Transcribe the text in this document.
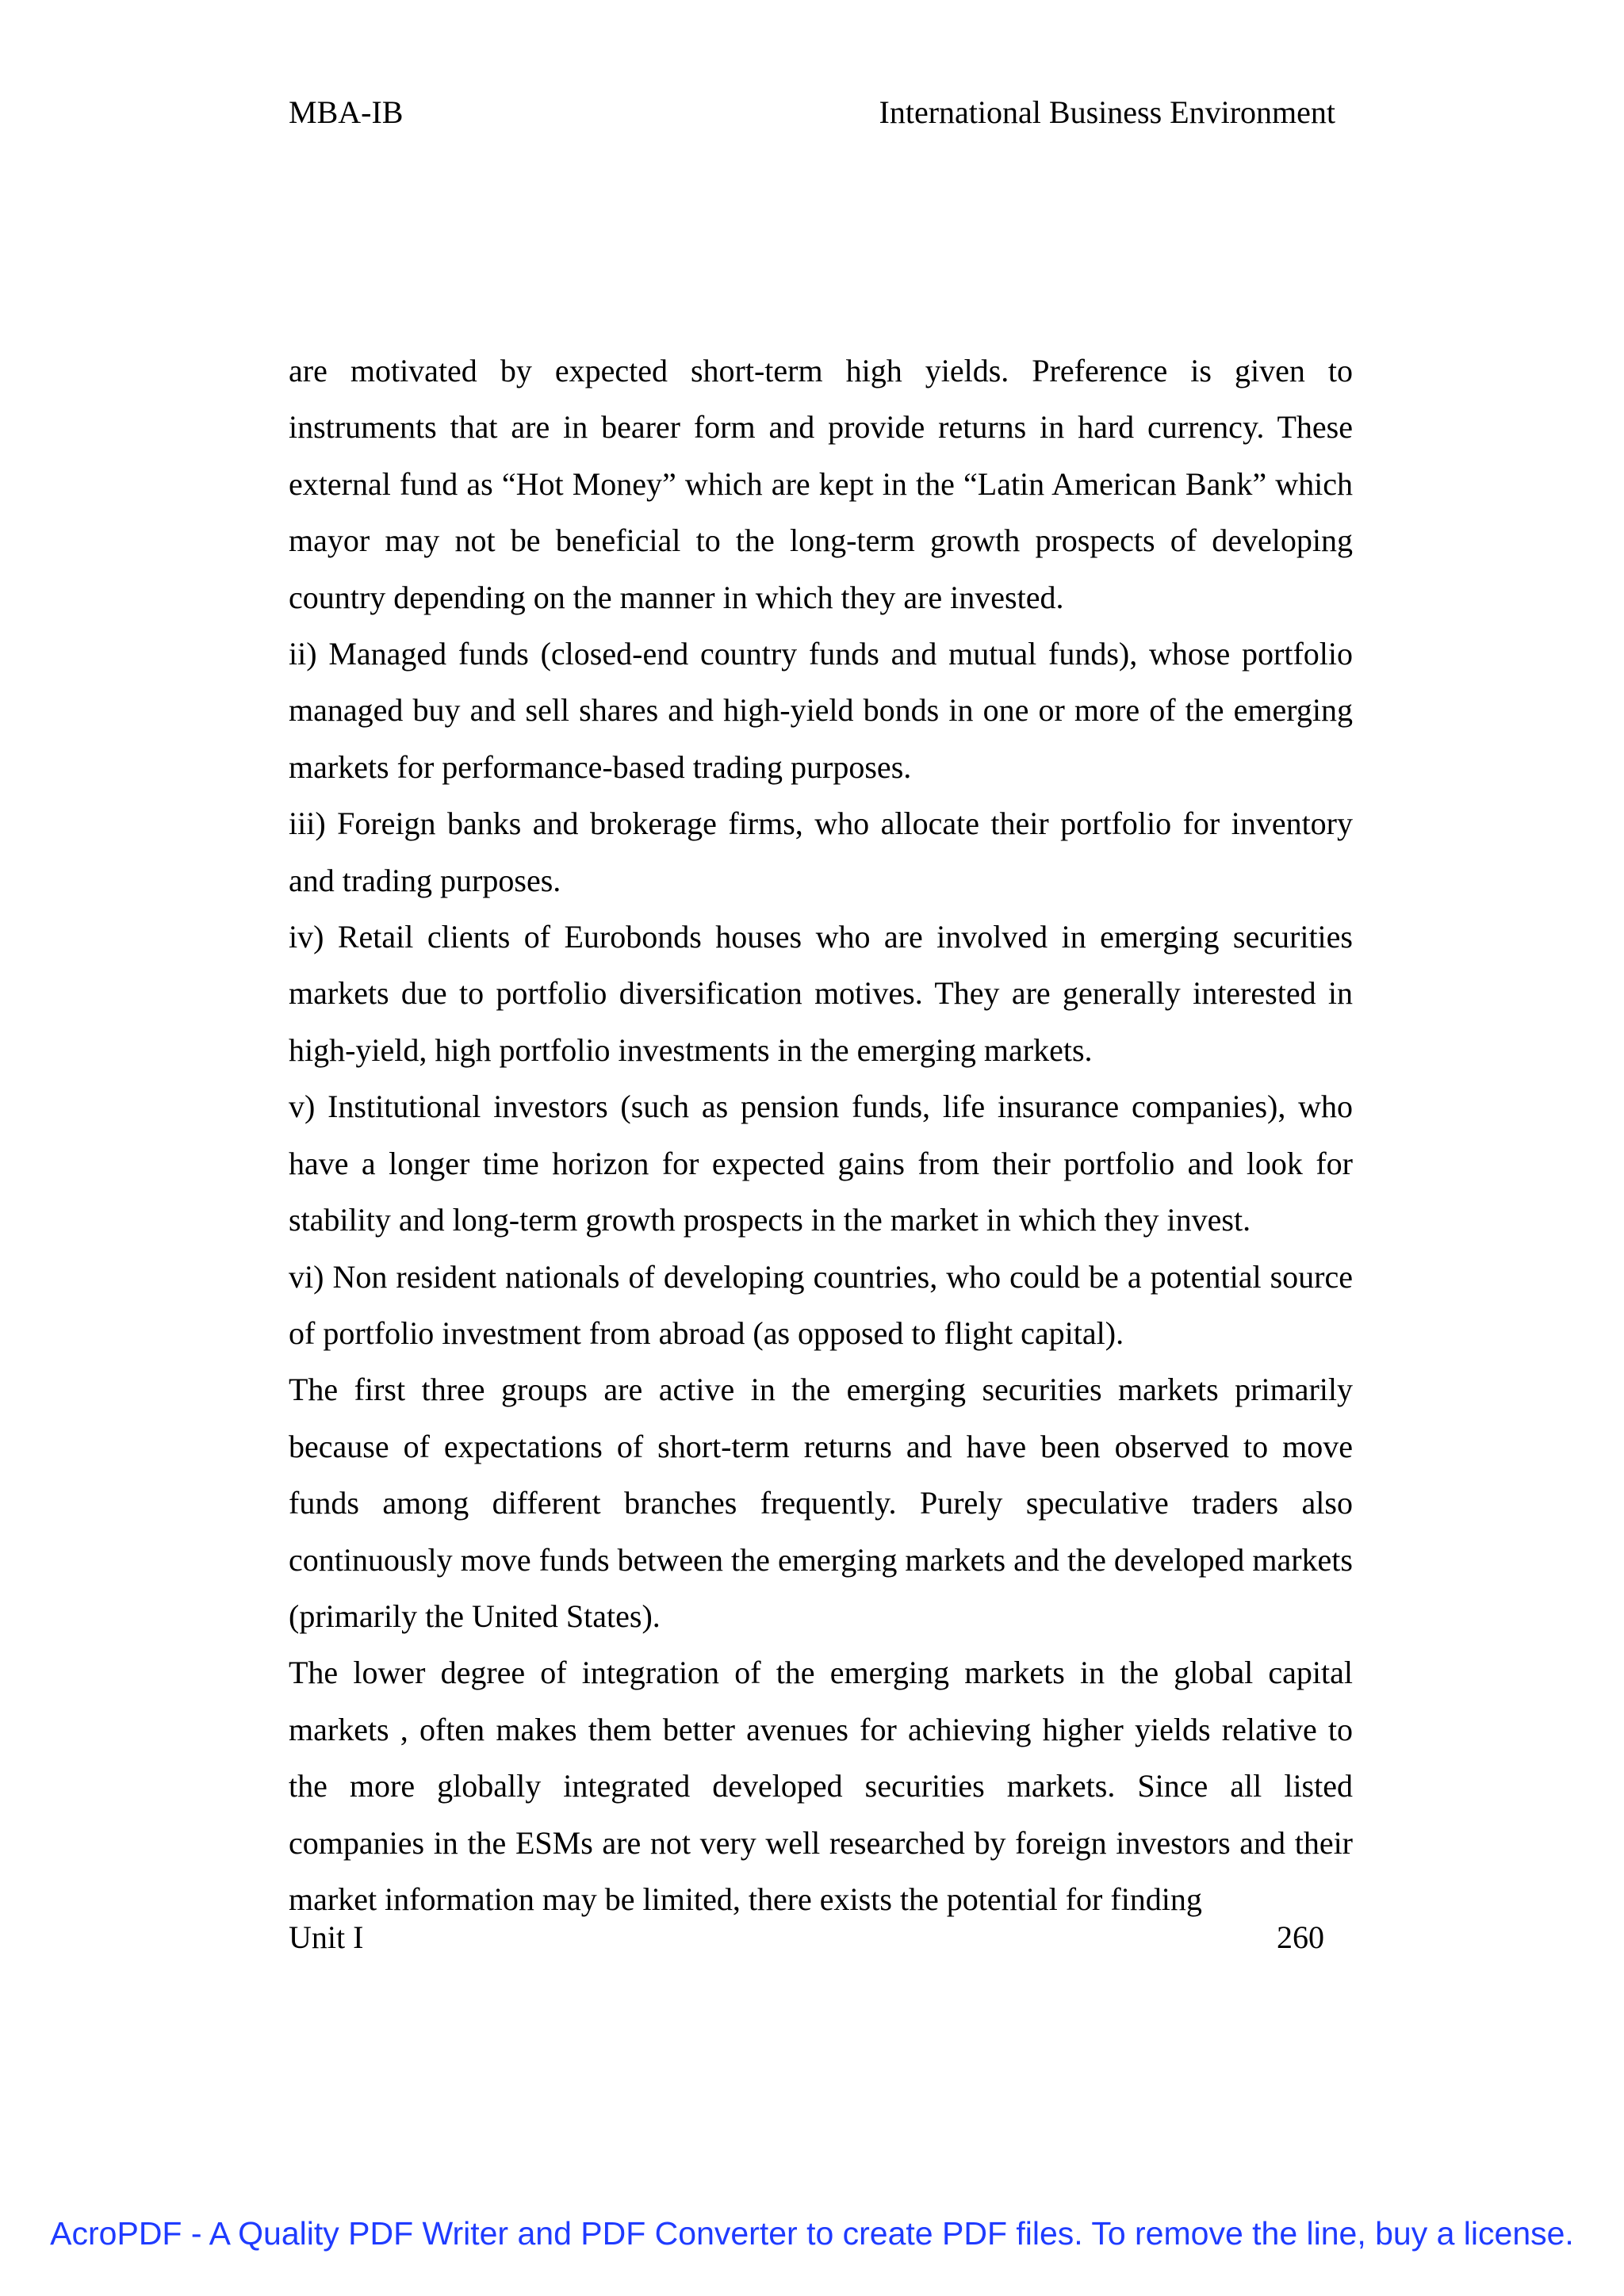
MBA-IB	International Business Environment

are motivated by expected short-term high yields. Preference is given to instruments that are in bearer form and provide returns in hard currency. These external fund as “Hot Money” which are kept in the “Latin American Bank” which mayor may not be beneficial to the long-term growth prospects of developing country depending on the manner in which they are invested.

ii) Managed funds (closed-end country funds and mutual funds), whose portfolio managed buy and sell shares and high-yield bonds in one or more of the emerging markets for performance-based trading purposes.

iii) Foreign banks and brokerage firms, who allocate their portfolio for inventory and trading purposes.

iv) Retail clients of Eurobonds houses who are involved in emerging securities markets due to portfolio diversification motives. They are generally interested in high-yield, high portfolio investments in the emerging markets.

v) Institutional investors (such as pension funds, life insurance companies), who have a longer time horizon for expected gains from their portfolio and look for stability and long-term growth prospects in the market in which they invest.

vi) Non resident nationals of developing countries, who could be a potential source of portfolio investment from abroad (as opposed to flight capital).

The first three groups are active in the emerging securities markets primarily because of expectations of short-term returns and have been observed to move funds among different branches frequently. Purely speculative traders also continuously move funds between the emerging markets and the developed markets (primarily the United States).

The lower degree of integration of the emerging markets in the global capital markets , often makes them better avenues for achieving higher yields relative to the more globally integrated developed securities markets. Since all listed companies in the ESMs are not very well researched by foreign investors and their market information may be limited, there exists the potential for finding

Unit I	260
AcroPDF - A Quality PDF Writer and PDF Converter to create PDF files. To remove the line, buy a license.
